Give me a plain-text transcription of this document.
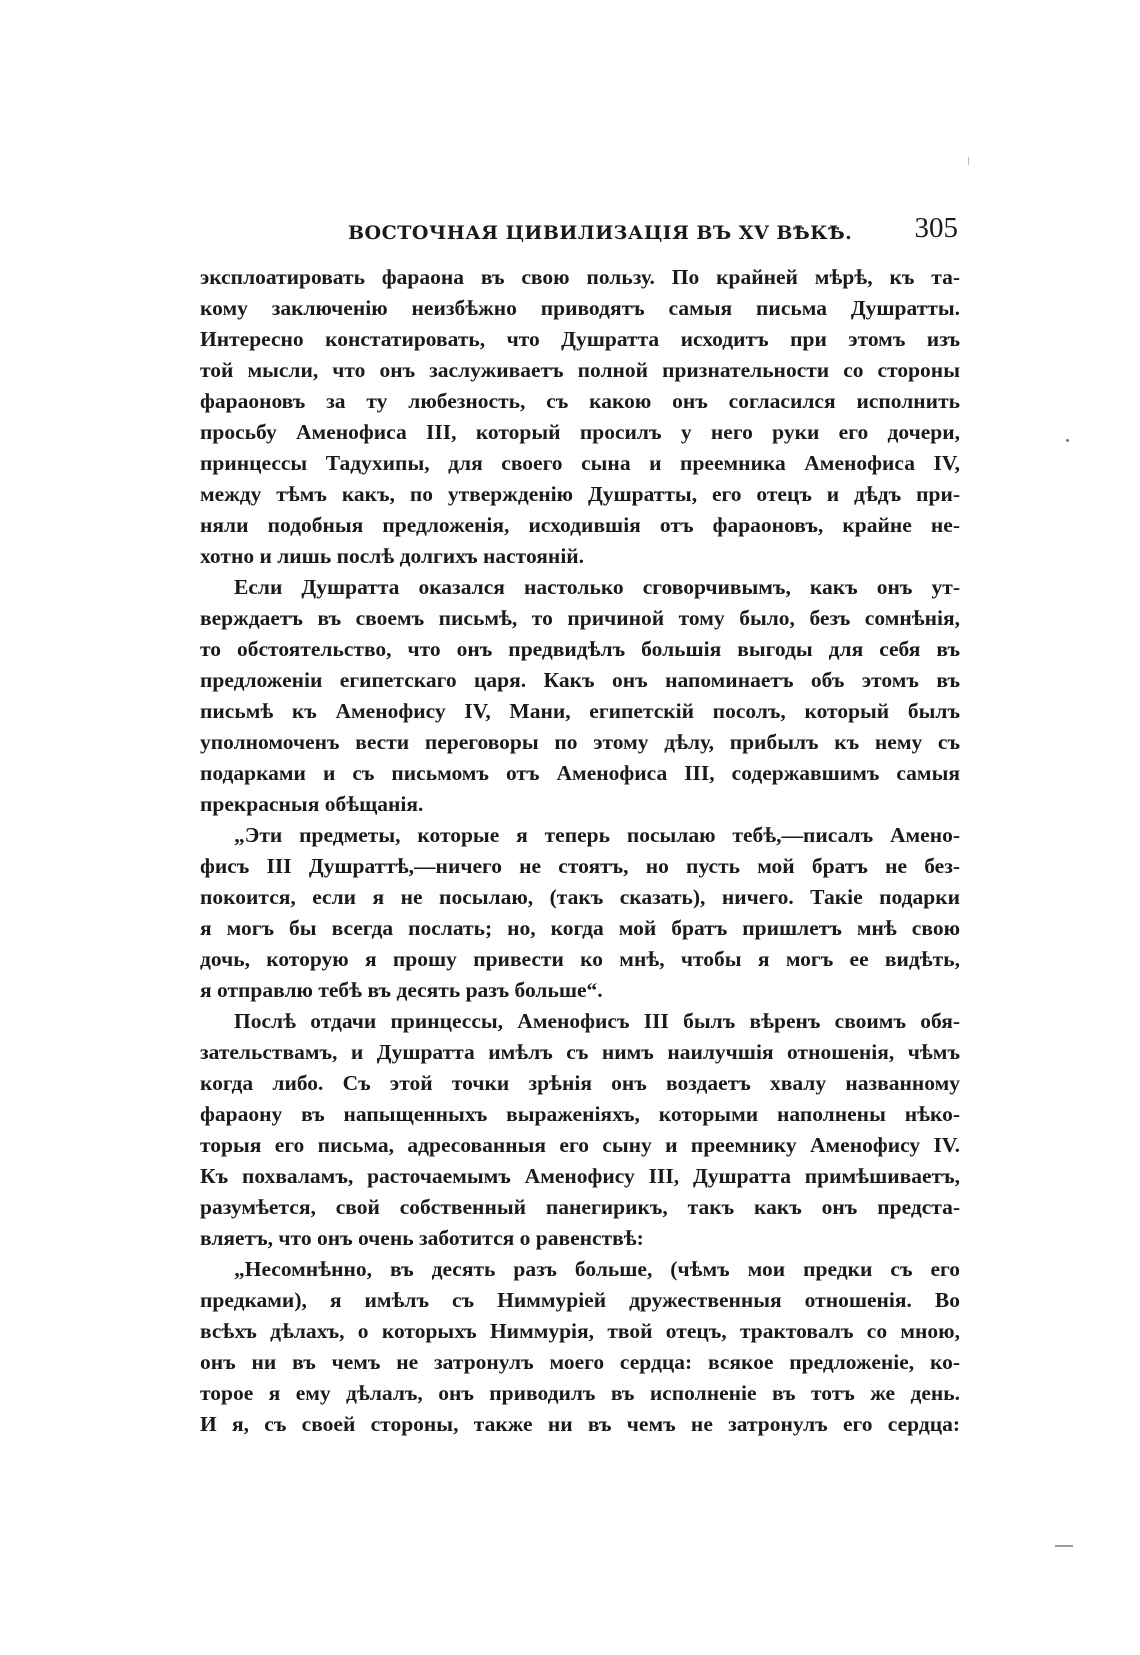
ВОСТОЧНАЯ ЦИВИЛИЗАЦІЯ ВЪ XV ВѢКѢ. 305

эксплоатировать фараона въ свою пользу. По крайней мѣрѣ, къ та-
кому заключенію неизбѣжно приводятъ самыя письма Душратты.
Интересно констатировать, что Душратта исходитъ при этомъ изъ
той мысли, что онъ заслуживаетъ полной признательности со стороны
фараоновъ за ту любезность, съ какою онъ согласился исполнить
просьбу Аменофиса III, который просилъ у него руки его дочери,
принцессы Тадухипы, для своего сына и преемника Аменофиса IV,
между тѣмъ какъ, по утвержденію Душратты, его отецъ и дѣдъ при-
няли подобныя предложенія, исходившія отъ фараоновъ, крайне не-
хотно и лишь послѣ долгихъ настояній.

Если Душратта оказался настолько сговорчивымъ, какъ онъ ут-
верждаетъ въ своемъ письмѣ, то причиной тому было, безъ сомнѣнія,
то обстоятельство, что онъ предвидѣлъ большія выгоды для себя въ
предложеніи египетскаго царя. Какъ онъ напоминаетъ объ этомъ въ
письмѣ къ Аменофису IV, Мани, египетскій посолъ, который былъ
уполномоченъ вести переговоры по этому дѣлу, прибылъ къ нему съ
подарками и съ письмомъ отъ Аменофиса III, содержавшимъ самыя
прекрасныя обѣщанія.

„Эти предметы, которые я теперь посылаю тебѣ,—писалъ Амено-
фисъ III Душраттѣ,—ничего не стоятъ, но пусть мой братъ не без-
покоится, если я не посылаю, (такъ сказать), ничего. Такіе подарки
я могъ бы всегда послать; но, когда мой братъ пришлетъ мнѣ свою
дочь, которую я прошу привести ко мнѣ, чтобы я могъ ее видѣть,
я отправлю тебѣ въ десять разъ больше“.

Послѣ отдачи принцессы, Аменофисъ III былъ вѣренъ своимъ обя-
зательствамъ, и Душратта имѣлъ съ нимъ наилучшія отношенія, чѣмъ
когда либо. Съ этой точки зрѣнія онъ воздаетъ хвалу названному
фараону въ напыщенныхъ выраженіяхъ, которыми наполнены нѣко-
торыя его письма, адресованныя его сыну и преемнику Аменофису IV.
Къ похваламъ, расточаемымъ Аменофису III, Душратта примѣшиваетъ,
разумѣется, свой собственный панегирикъ, такъ какъ онъ предста-
вляетъ, что онъ очень заботится о равенствѣ:

„Несомнѣнно, въ десять разъ больше, (чѣмъ мои предки съ его
предками), я имѣлъ съ Ниммуріей дружественныя отношенія. Во
всѣхъ дѣлахъ, о которыхъ Ниммурія, твой отецъ, трактовалъ со мною,
онъ ни въ чемъ не затронулъ моего сердца: всякое предложеніе, ко-
торое я ему дѣлалъ, онъ приводилъ въ исполненіе въ тотъ же день.
И я, съ своей стороны, также ни въ чемъ не затронулъ его сердца:
